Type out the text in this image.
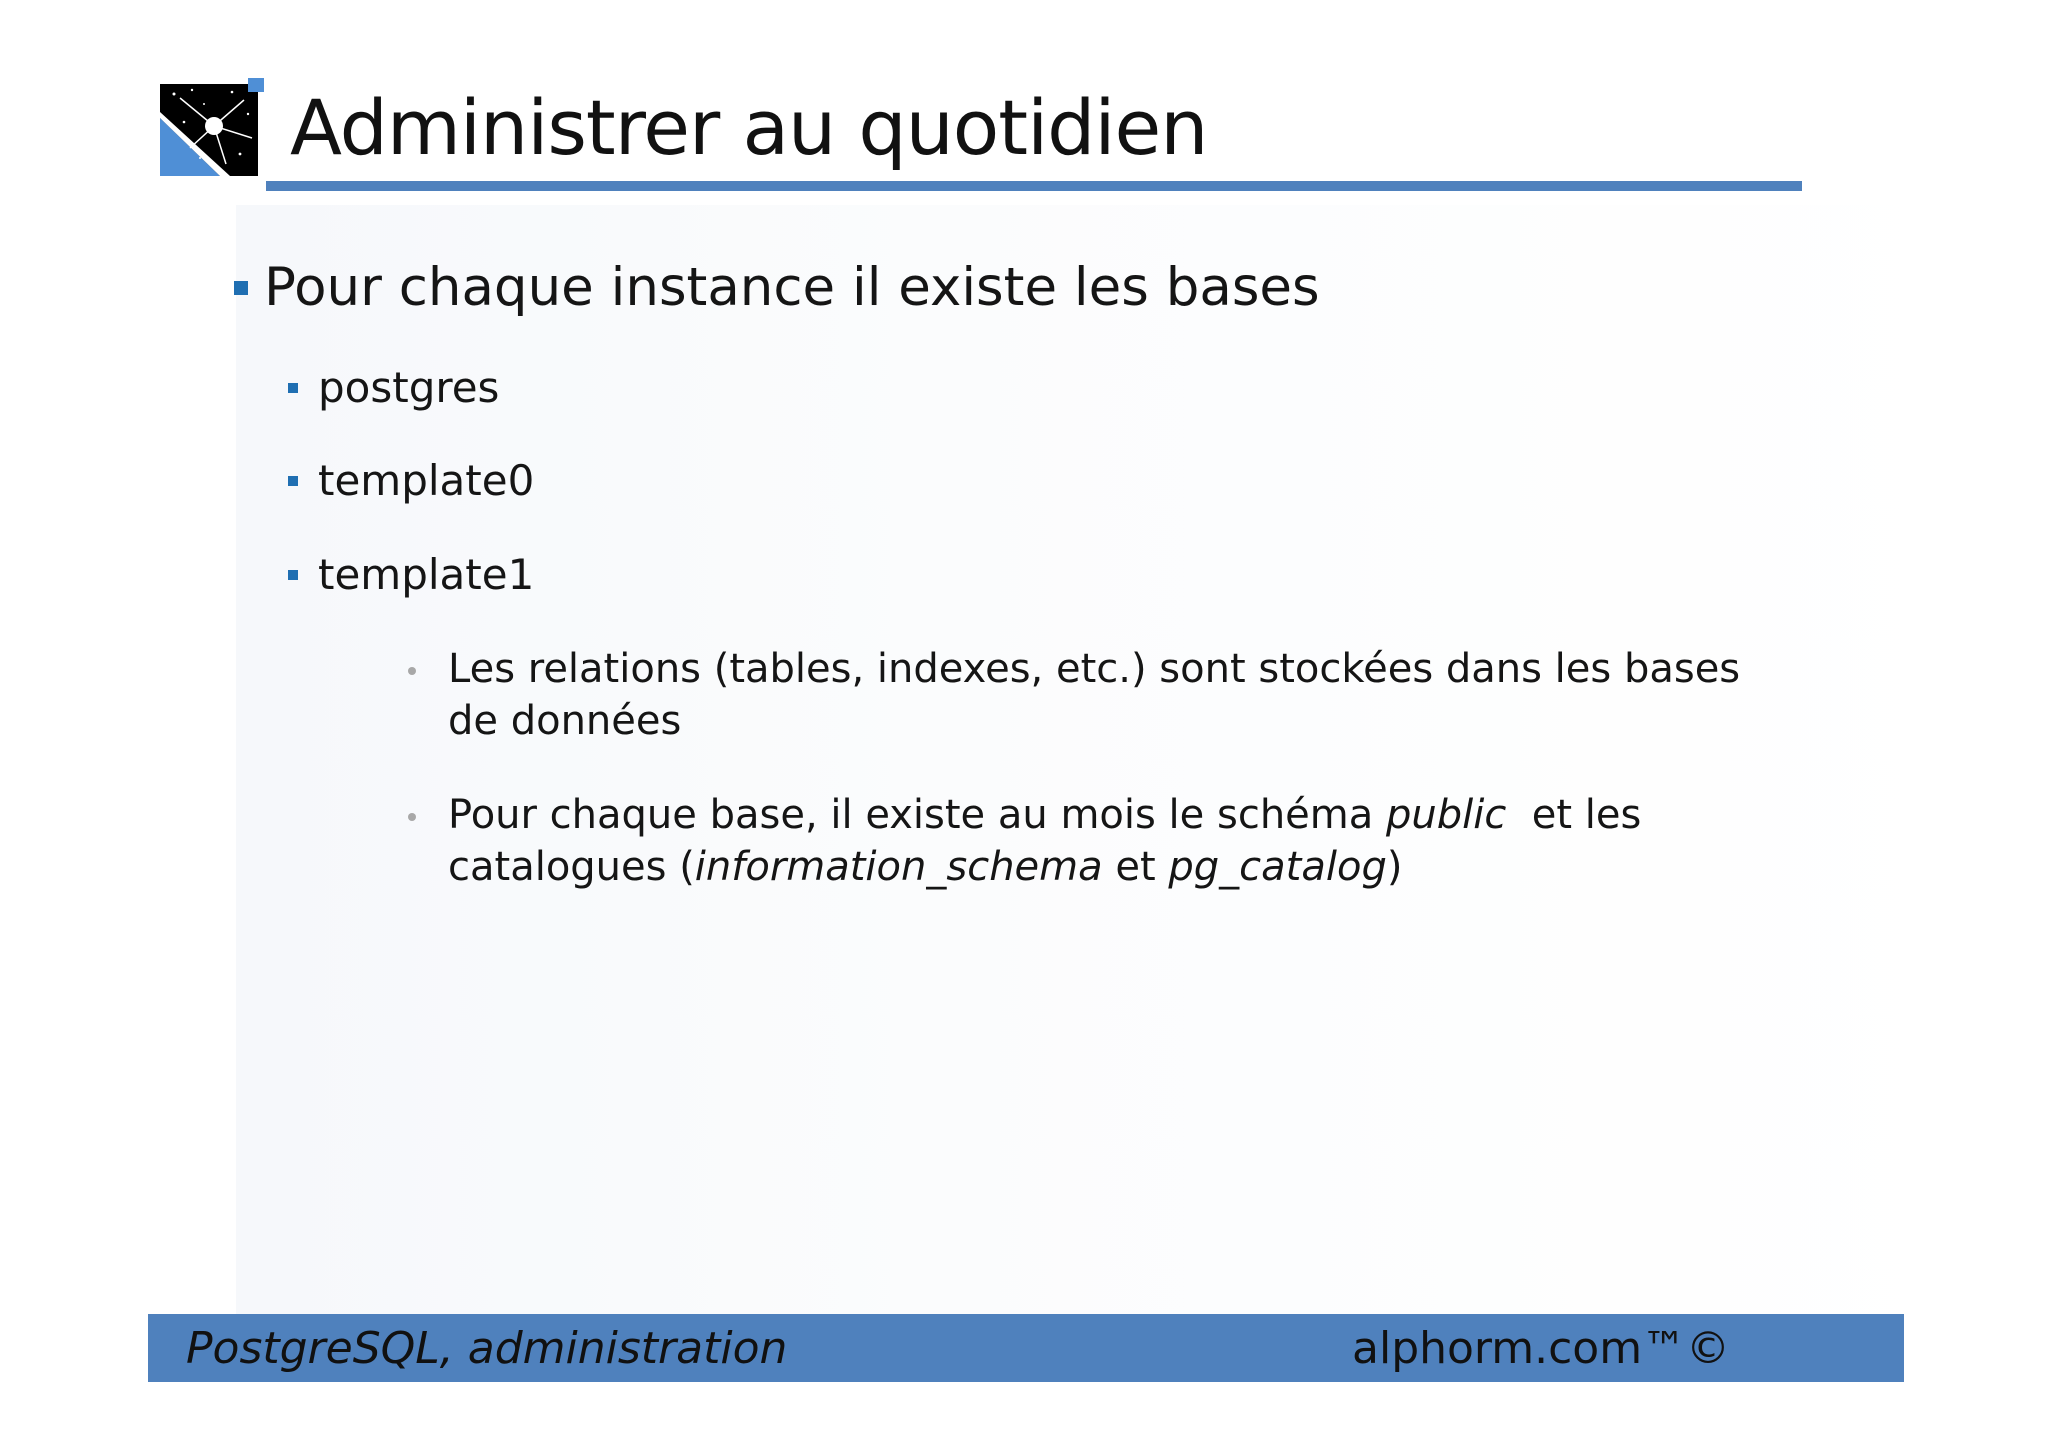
Administrer au quotidien
Pour chaque instance il existe les bases
postgres
template0
template1
Les relations (tables, indexes, etc.) sont stockées dans les bases
de données
Pour chaque base, il existe au mois le schéma public  et les
catalogues (information_schema et pg_catalog)
PostgreSQL, administration	alphorm.com™©
